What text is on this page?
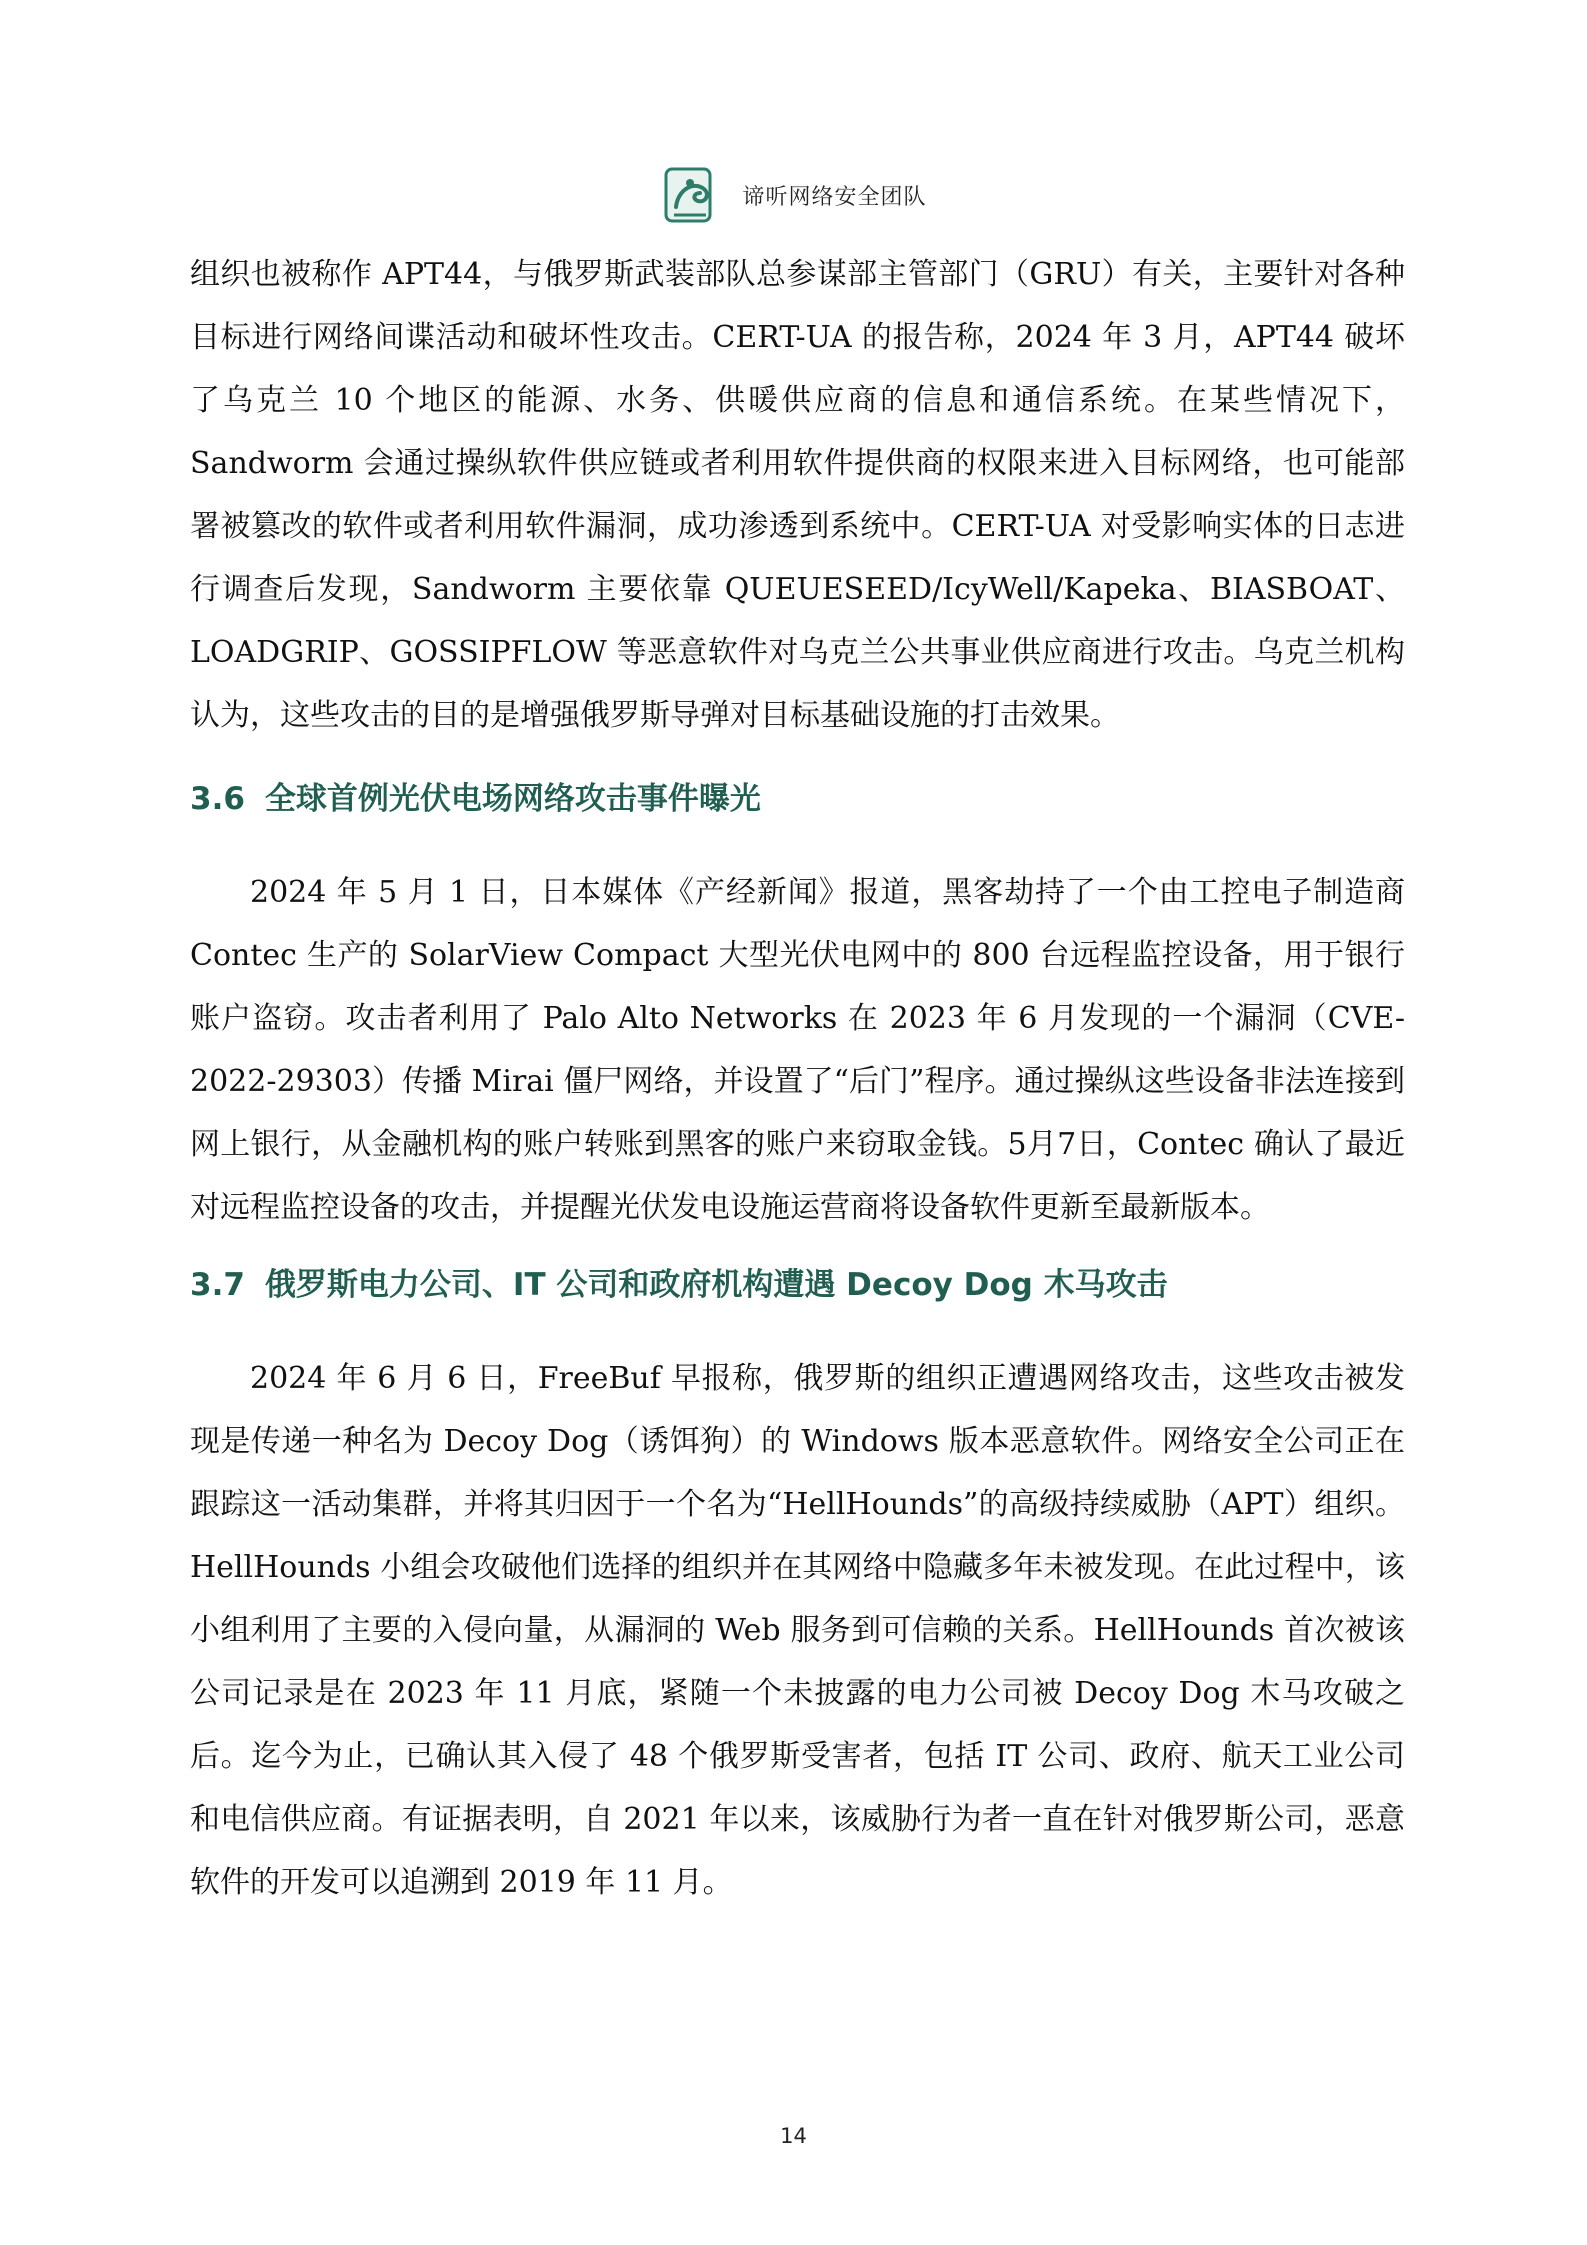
谛听网络安全团队

组织也被称作 APT44，与俄罗斯武装部队总参谋部主管部门（GRU）有关，主要针对各种目标进行网络间谍活动和破坏性攻击。CERT-UA 的报告称，2024 年 3 月，APT44 破坏了乌克兰 10 个地区的能源、水务、供暖供应商的信息和通信系统。在某些情况下，Sandworm 会通过操纵软件供应链或者利用软件提供商的权限来进入目标网络，也可能部署被篡改的软件或者利用软件漏洞，成功渗透到系统中。CERT-UA 对受影响实体的日志进行调查后发现，Sandworm 主要依靠 QUEUESEED/IcyWell/Kapeka、BIASBOAT、LOADGRIP、GOSSIPFLOW 等恶意软件对乌克兰公共事业供应商进行攻击。乌克兰机构认为，这些攻击的目的是增强俄罗斯导弹对目标基础设施的打击效果。

3.6 全球首例光伏电场网络攻击事件曝光

2024 年 5 月 1 日，日本媒体《产经新闻》报道，黑客劫持了一个由工控电子制造商 Contec 生产的 SolarView Compact 大型光伏电网中的 800 台远程监控设备，用于银行账户盗窃。攻击者利用了 Palo Alto Networks 在 2023 年 6 月发现的一个漏洞（CVE-2022-29303）传播 Mirai 僵尸网络，并设置了“后门”程序。通过操纵这些设备非法连接到网上银行，从金融机构的账户转账到黑客的账户来窃取金钱。5月7日，Contec 确认了最近对远程监控设备的攻击，并提醒光伏发电设施运营商将设备软件更新至最新版本。

3.7 俄罗斯电力公司、IT 公司和政府机构遭遇 Decoy Dog 木马攻击

2024 年 6 月 6 日，FreeBuf 早报称，俄罗斯的组织正遭遇网络攻击，这些攻击被发现是传递一种名为 Decoy Dog（诱饵狗）的 Windows 版本恶意软件。网络安全公司正在跟踪这一活动集群，并将其归因于一个名为“HellHounds”的高级持续威胁（APT）组织。HellHounds 小组会攻破他们选择的组织并在其网络中隐藏多年未被发现。在此过程中，该小组利用了主要的入侵向量，从漏洞的 Web 服务到可信赖的关系。HellHounds 首次被该公司记录是在 2023 年 11 月底，紧随一个未披露的电力公司被 Decoy Dog 木马攻破之后。迄今为止，已确认其入侵了 48 个俄罗斯受害者，包括 IT 公司、政府、航天工业公司和电信供应商。有证据表明，自 2021 年以来，该威胁行为者一直在针对俄罗斯公司，恶意软件的开发可以追溯到 2019 年 11 月。

14
